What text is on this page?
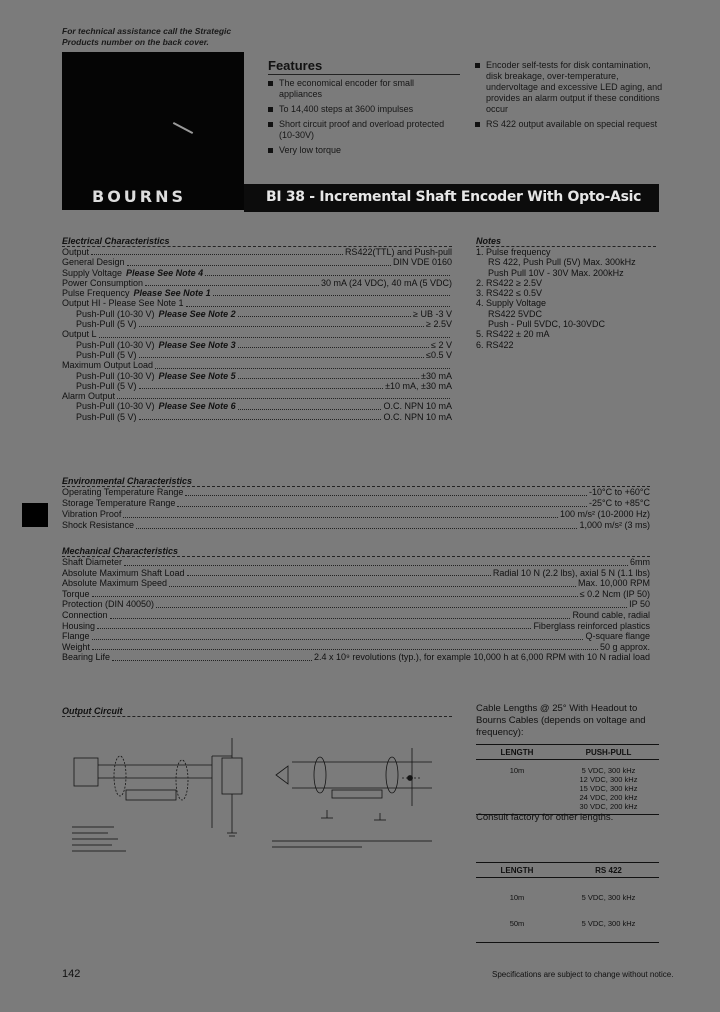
For technical assistance call the Strategic Products number on the back cover.
BOURNS
Features
The economical encoder for small appliances
To 14,400 steps at 3600 impulses
Short circuit proof and overload protected (10-30V)
Very low torque
Encoder self-tests for disk contamination, disk breakage, over-temperature, undervoltage and excessive LED aging, and provides an alarm output if these conditions occur
RS 422 output available on special request
BI 38 - Incremental Shaft Encoder With Opto-Asic
Electrical Characteristics
Output	RS422(TTL) and Push-pull
General Design	DIN VDE 0160
Supply Voltage Please See Note 4
Power Consumption	30 mA (24 VDC), 40 mA (5 VDC)
Pulse Frequency Please See Note 1
Output HI - Please See Note 1
Push-Pull (10-30 V) Please See Note 2	≥ UB -3 V
Push-Pull (5 V)	≥ 2.5V
Output L
Push-Pull (10-30 V) Please See Note 3	≤ 2 V
Push-Pull (5 V)	≤0.5 V
Maximum Output Load
Push-Pull (10-30 V) Please See Note 5	±30 mA
Push-Pull (5 V)	±10 mA, ±30 mA
Alarm Output
Push-Pull (10-30 V) Please See Note 6	O.C. NPN 10 mA
Push-Pull (5 V)	O.C. NPN 10 mA
Notes
1. Pulse frequency
RS 422, Push Pull (5V) Max. 300kHz
Push Pull 10V - 30V Max. 200kHz
2. RS422 ≥ 2.5V
3. RS422 ≤ 0.5V
4. Supply Voltage
RS422 5VDC
Push - Pull 5VDC, 10-30VDC
5. RS422 ± 20 mA
6. RS422
Environmental Characteristics
Operating Temperature Range	-10°C to +60°C
Storage Temperature Range	-25°C to +85°C
Vibration Proof	100 m/s² (10-2000 Hz)
Shock Resistance	1,000 m/s² (3 ms)
Mechanical Characteristics
Shaft Diameter	6mm
Absolute Maximum Shaft Load	Radial 10 N (2.2 lbs), axial 5 N (1.1 lbs)
Absolute Maximum Speed	Max. 10,000 RPM
Torque	≤ 0.2 Ncm (IP 50)
Protection (DIN 40050)	IP 50
Connection	Round cable, radial
Housing	Fiberglass reinforced plastics
Flange	Q-square flange
Weight	50 g approx.
Bearing Life	2.4 x 10⁹ revolutions (typ.), for example 10,000 h at 6,000 RPM with 10 N radial load
Output Circuit	Cable Lengths @ 25° With Headout to Bourns Cables (depends on voltage and frequency):
LENGTH	PUSH-PULL
10m	5 VDC, 300 kHz
12 VDC, 300 kHz
15 VDC, 300 kHz
24 VDC, 200 kHz
30 VDC, 200 kHz
Consult factory for other lengths.
LENGTH	RS 422
10m	5 VDC, 300 kHz
50m	5 VDC, 300 kHz
142	Specifications are subject to change without notice.
